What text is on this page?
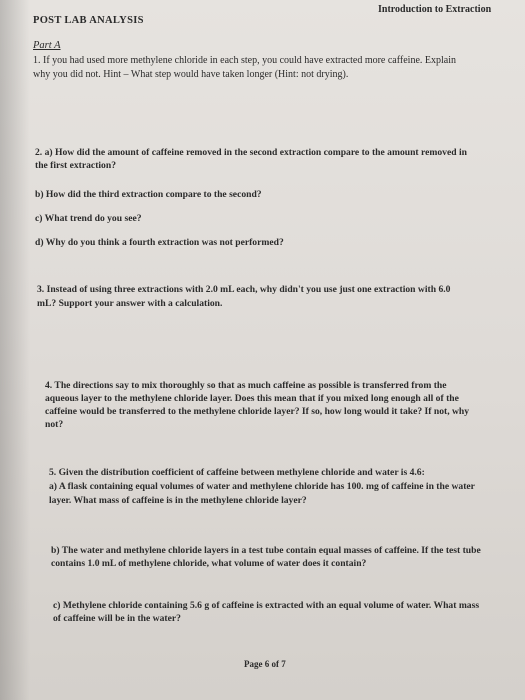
Introduction to Extraction
POST LAB ANALYSIS
Part A
1. If you had used more methylene chloride in each step, you could have extracted more caffeine. Explain
why you did not. Hint – What step would have taken longer (Hint: not drying).
2. a) How did the amount of caffeine removed in the second extraction compare to the amount removed in
the first extraction?
b) How did the third extraction compare to the second?
c) What trend do you see?
d) Why do you think a fourth extraction was not performed?
3. Instead of using three extractions with 2.0 mL each, why didn't you use just one extraction with 6.0
mL? Support your answer with a calculation.
4. The directions say to mix thoroughly so that as much caffeine as possible is transferred from the
aqueous layer to the methylene chloride layer. Does this mean that if you mixed long enough all of the
caffeine would be transferred to the methylene chloride layer? If so, how long would it take? If not, why
not?
5. Given the distribution coefficient of caffeine between methylene chloride and water is 4.6:
a) A flask containing equal volumes of water and methylene chloride has 100. mg of caffeine in the water
layer. What mass of caffeine is in the methylene chloride layer?
b) The water and methylene chloride layers in a test tube contain equal masses of caffeine. If the test tube
contains 1.0 mL of methylene chloride, what volume of water does it contain?
c) Methylene chloride containing 5.6 g of caffeine is extracted with an equal volume of water. What mass
of caffeine will be in the water?
Page 6 of 7
